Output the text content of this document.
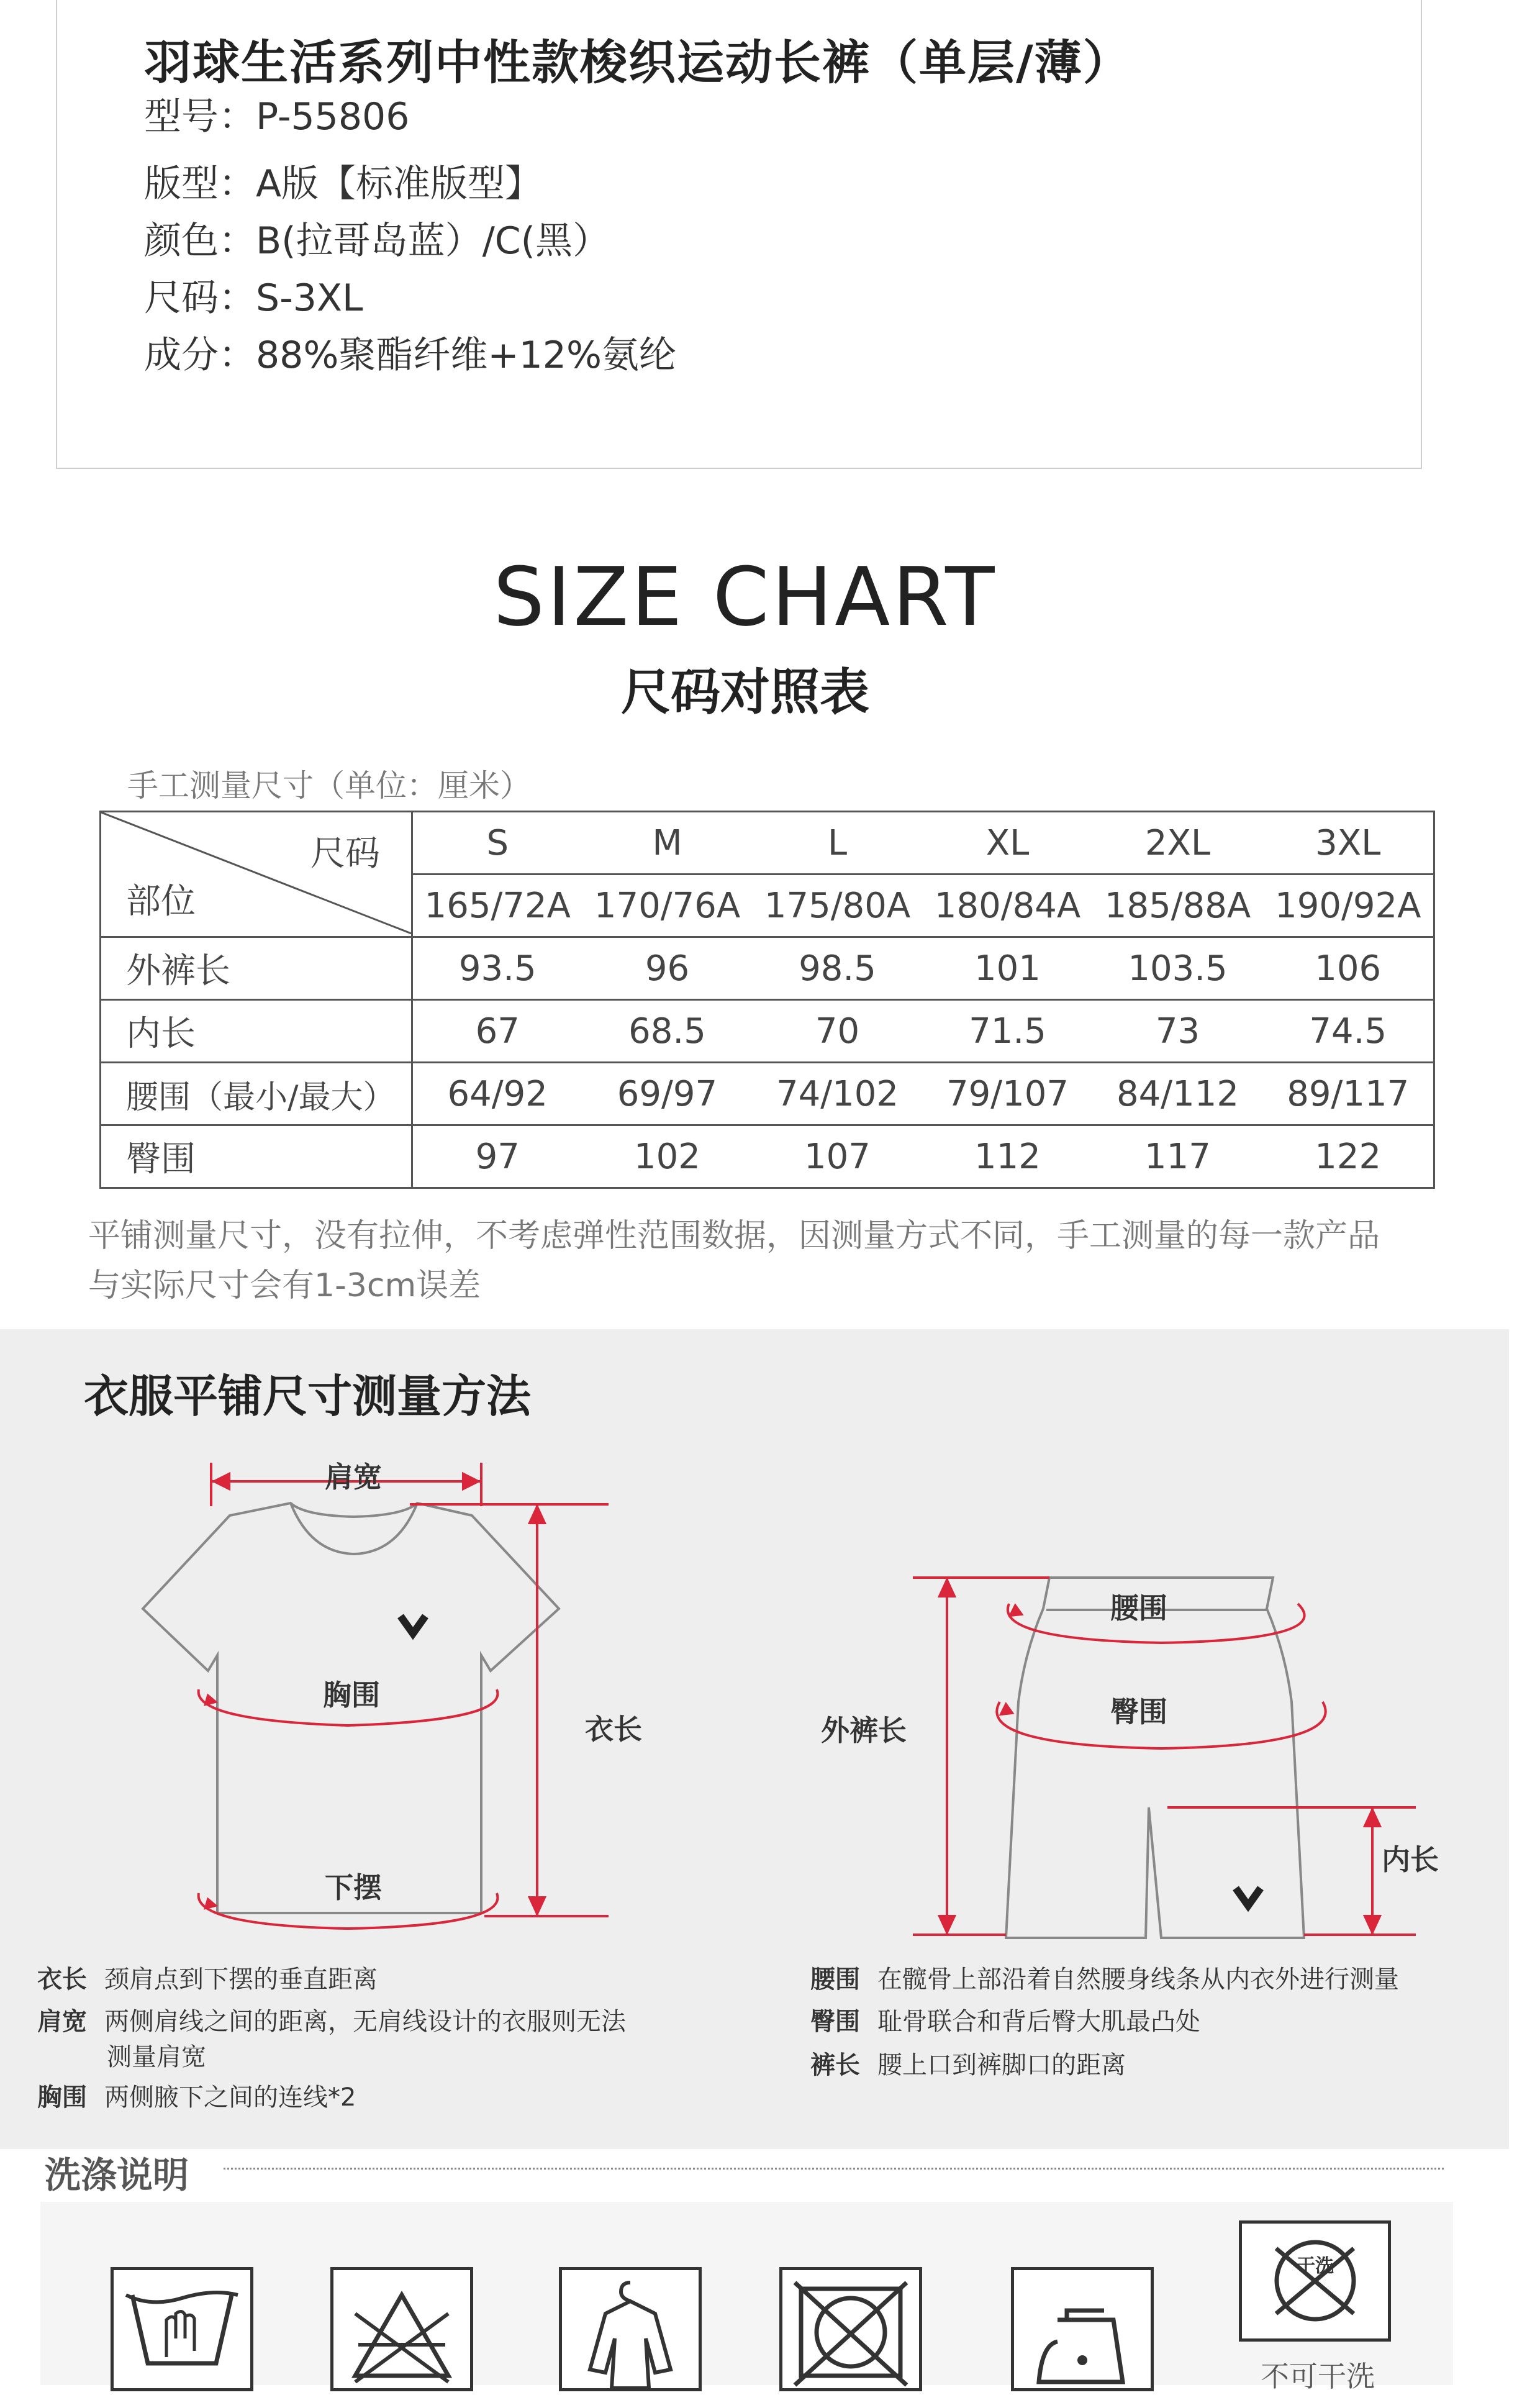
羽球生活系列中性款梭织运动长裤（单层/薄）
型号：P-55806
版型：A版【标准版型】
颜色：B(拉哥岛蓝）/C(黑）
尺码：S-3XL
成分：88%聚酯纤维+12%氨纶
SIZE CHART
尺码对照表
手工测量尺寸（单位：厘米）
尺码
部位	S	M	L	XL	2XL	3XL
	165/72A	170/76A	175/80A	180/84A	185/88A	190/92A
外裤长	93.5	96	98.5	101	103.5	106
内长	67	68.5	70	71.5	73	74.5
腰围（最小/最大）	64/92	69/97	74/102	79/107	84/112	89/117
臀围	97	102	107	112	117	122
平铺测量尺寸，没有拉伸，不考虑弹性范围数据，因测量方式不同，手工测量的每一款产品
与实际尺寸会有1-3cm误差
衣服平铺尺寸测量方法
肩宽
胸围
衣长
下摆
外裤长
腰围
臀围
内长
衣长 颈肩点到下摆的垂直距离
肩宽 两侧肩线之间的距离，无肩线设计的衣服则无法
测量肩宽
胸围 两侧腋下之间的连线*2
腰围 在髋骨上部沿着自然腰身线条从内衣外进行测量
臀围 耻骨联合和背后臀大肌最凸处
裤长 腰上口到裤脚口的距离
洗涤说明
干洗
不可干洗
